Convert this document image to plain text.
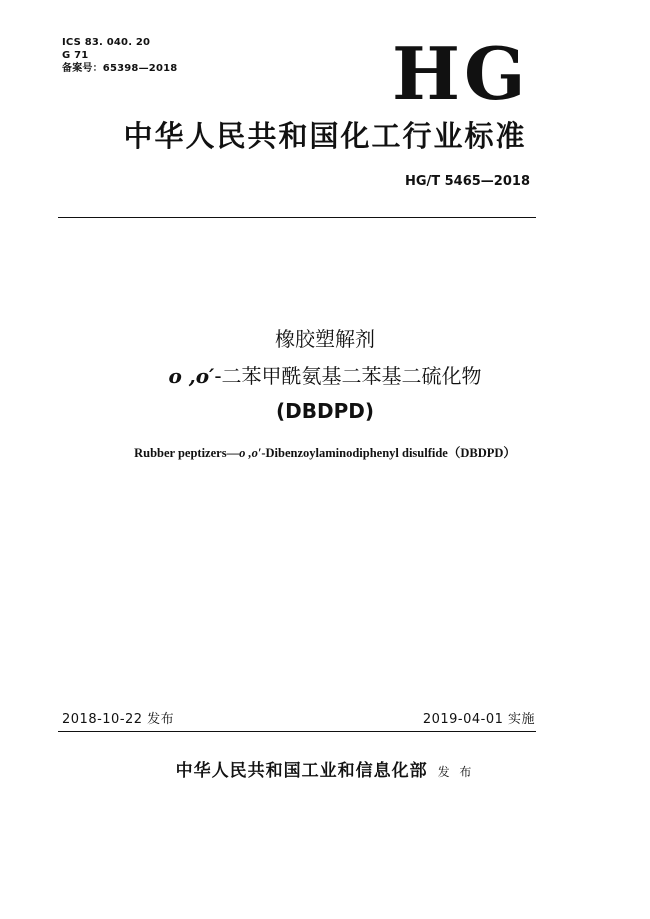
ICS 83. 040. 20
G 71
备案号：65398—2018	HG
中华人民共和国化工行业标准
HG/T 5465—2018
橡胶塑解剂
o ,o′-二苯甲酰氨基二苯基二硫化物
(DBDPD)
Rubber peptizers—o ,o′-Dibenzoylaminodiphenyl disulfide（DBDPD）
2018-10-22 发布	2019-04-01 实施
中华人民共和国工业和信息化部 发 布
